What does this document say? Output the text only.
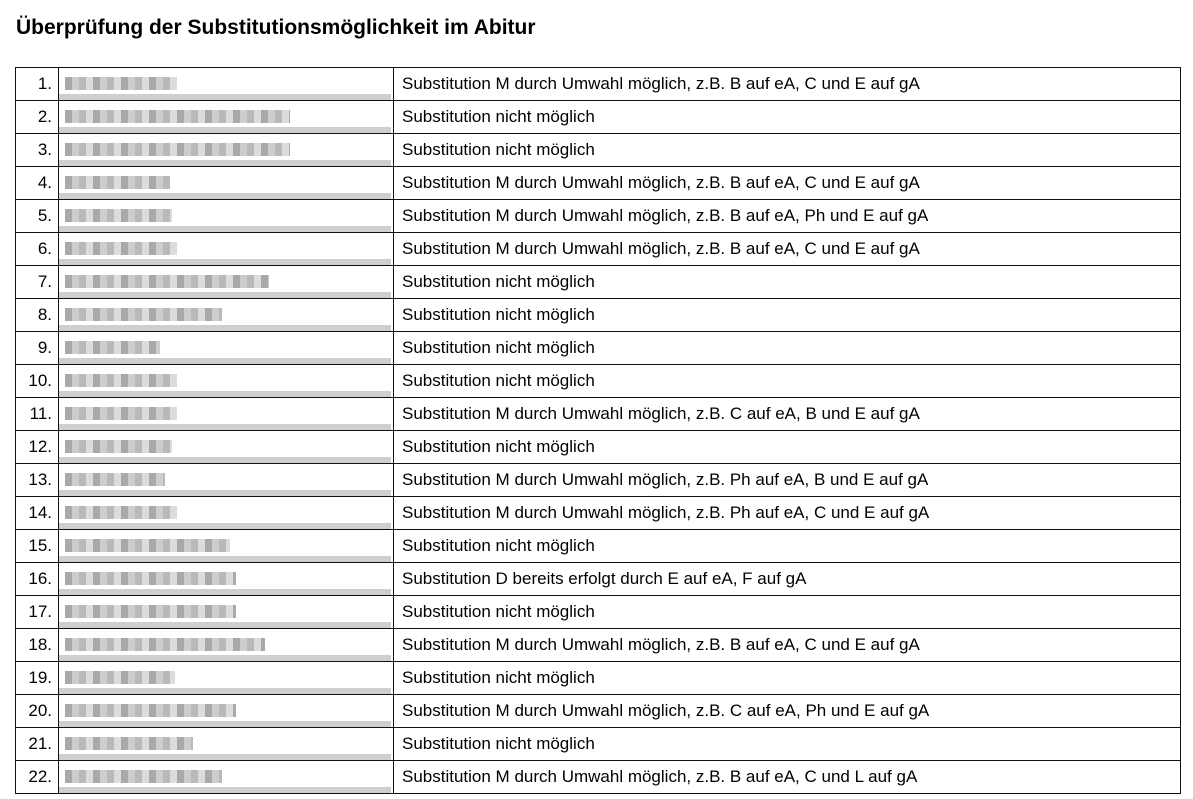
Überprüfung der Substitutionsmöglichkeit im Abitur
1.		Substitution M durch Umwahl möglich, z.B. B auf eA, C und E auf gA
2.		Substitution nicht möglich
3.		Substitution nicht möglich
4.		Substitution M durch Umwahl möglich, z.B. B auf eA, C und E auf gA
5.		Substitution M durch Umwahl möglich, z.B. B auf eA, Ph und E auf gA
6.		Substitution M durch Umwahl möglich, z.B. B auf eA, C und E auf gA
7.		Substitution nicht möglich
8.		Substitution nicht möglich
9.		Substitution nicht möglich
10.		Substitution nicht möglich
11.		Substitution M durch Umwahl möglich, z.B. C auf eA, B und E auf gA
12.		Substitution nicht möglich
13.		Substitution M durch Umwahl möglich, z.B. Ph auf eA, B und E auf gA
14.		Substitution M durch Umwahl möglich, z.B. Ph auf eA, C und E auf gA
15.		Substitution nicht möglich
16.		Substitution D bereits erfolgt durch E auf eA, F auf gA
17.		Substitution nicht möglich
18.		Substitution M durch Umwahl möglich, z.B. B auf eA, C und E auf gA
19.		Substitution nicht möglich
20.		Substitution M durch Umwahl möglich, z.B. C auf eA, Ph und E auf gA
21.		Substitution nicht möglich
22.		Substitution M durch Umwahl möglich, z.B. B auf eA, C und L auf gA
